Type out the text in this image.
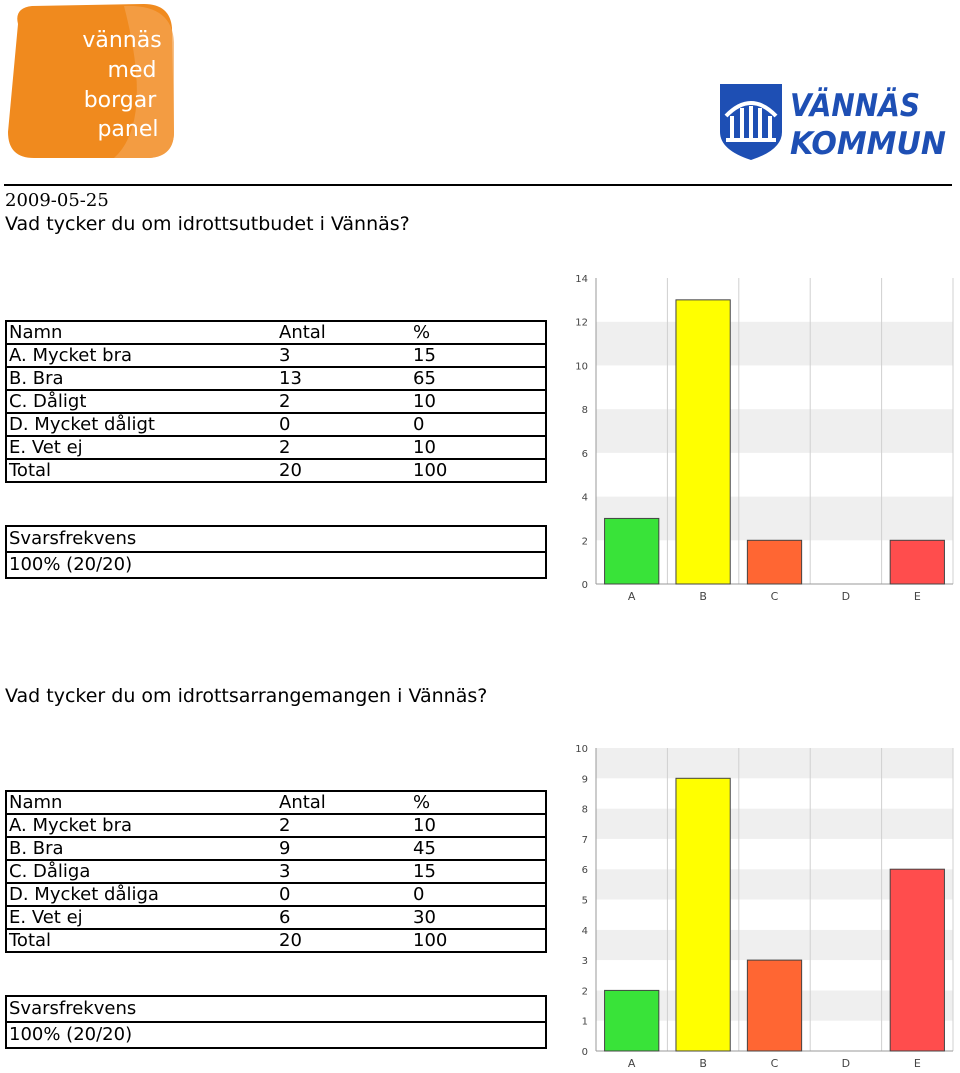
vännäs
med
borgar
panel
VÄNNÄS
KOMMUN
2009-05-25
Vad tycker du om idrottsutbudet i Vännäs?
Namn	Antal	%
A. Mycket bra	3	15
B. Bra	13	65
C. Dåligt	2	10
D. Mycket dåligt	0	0
E. Vet ej	2	10
Total	20	100
Svarsfrekvens
100% (20/20)
0
2
4
6
8
10
12
14
A	B	C	D	E
Vad tycker du om idrottsarrangemangen i Vännäs?
Namn	Antal	%
A. Mycket bra	2	10
B. Bra	9	45
C. Dåliga	3	15
D. Mycket dåliga	0	0
E. Vet ej	6	30
Total	20	100
Svarsfrekvens
100% (20/20)
0
1
2
3
4
5
6
7
8
9
10
A	B	C	D	E
